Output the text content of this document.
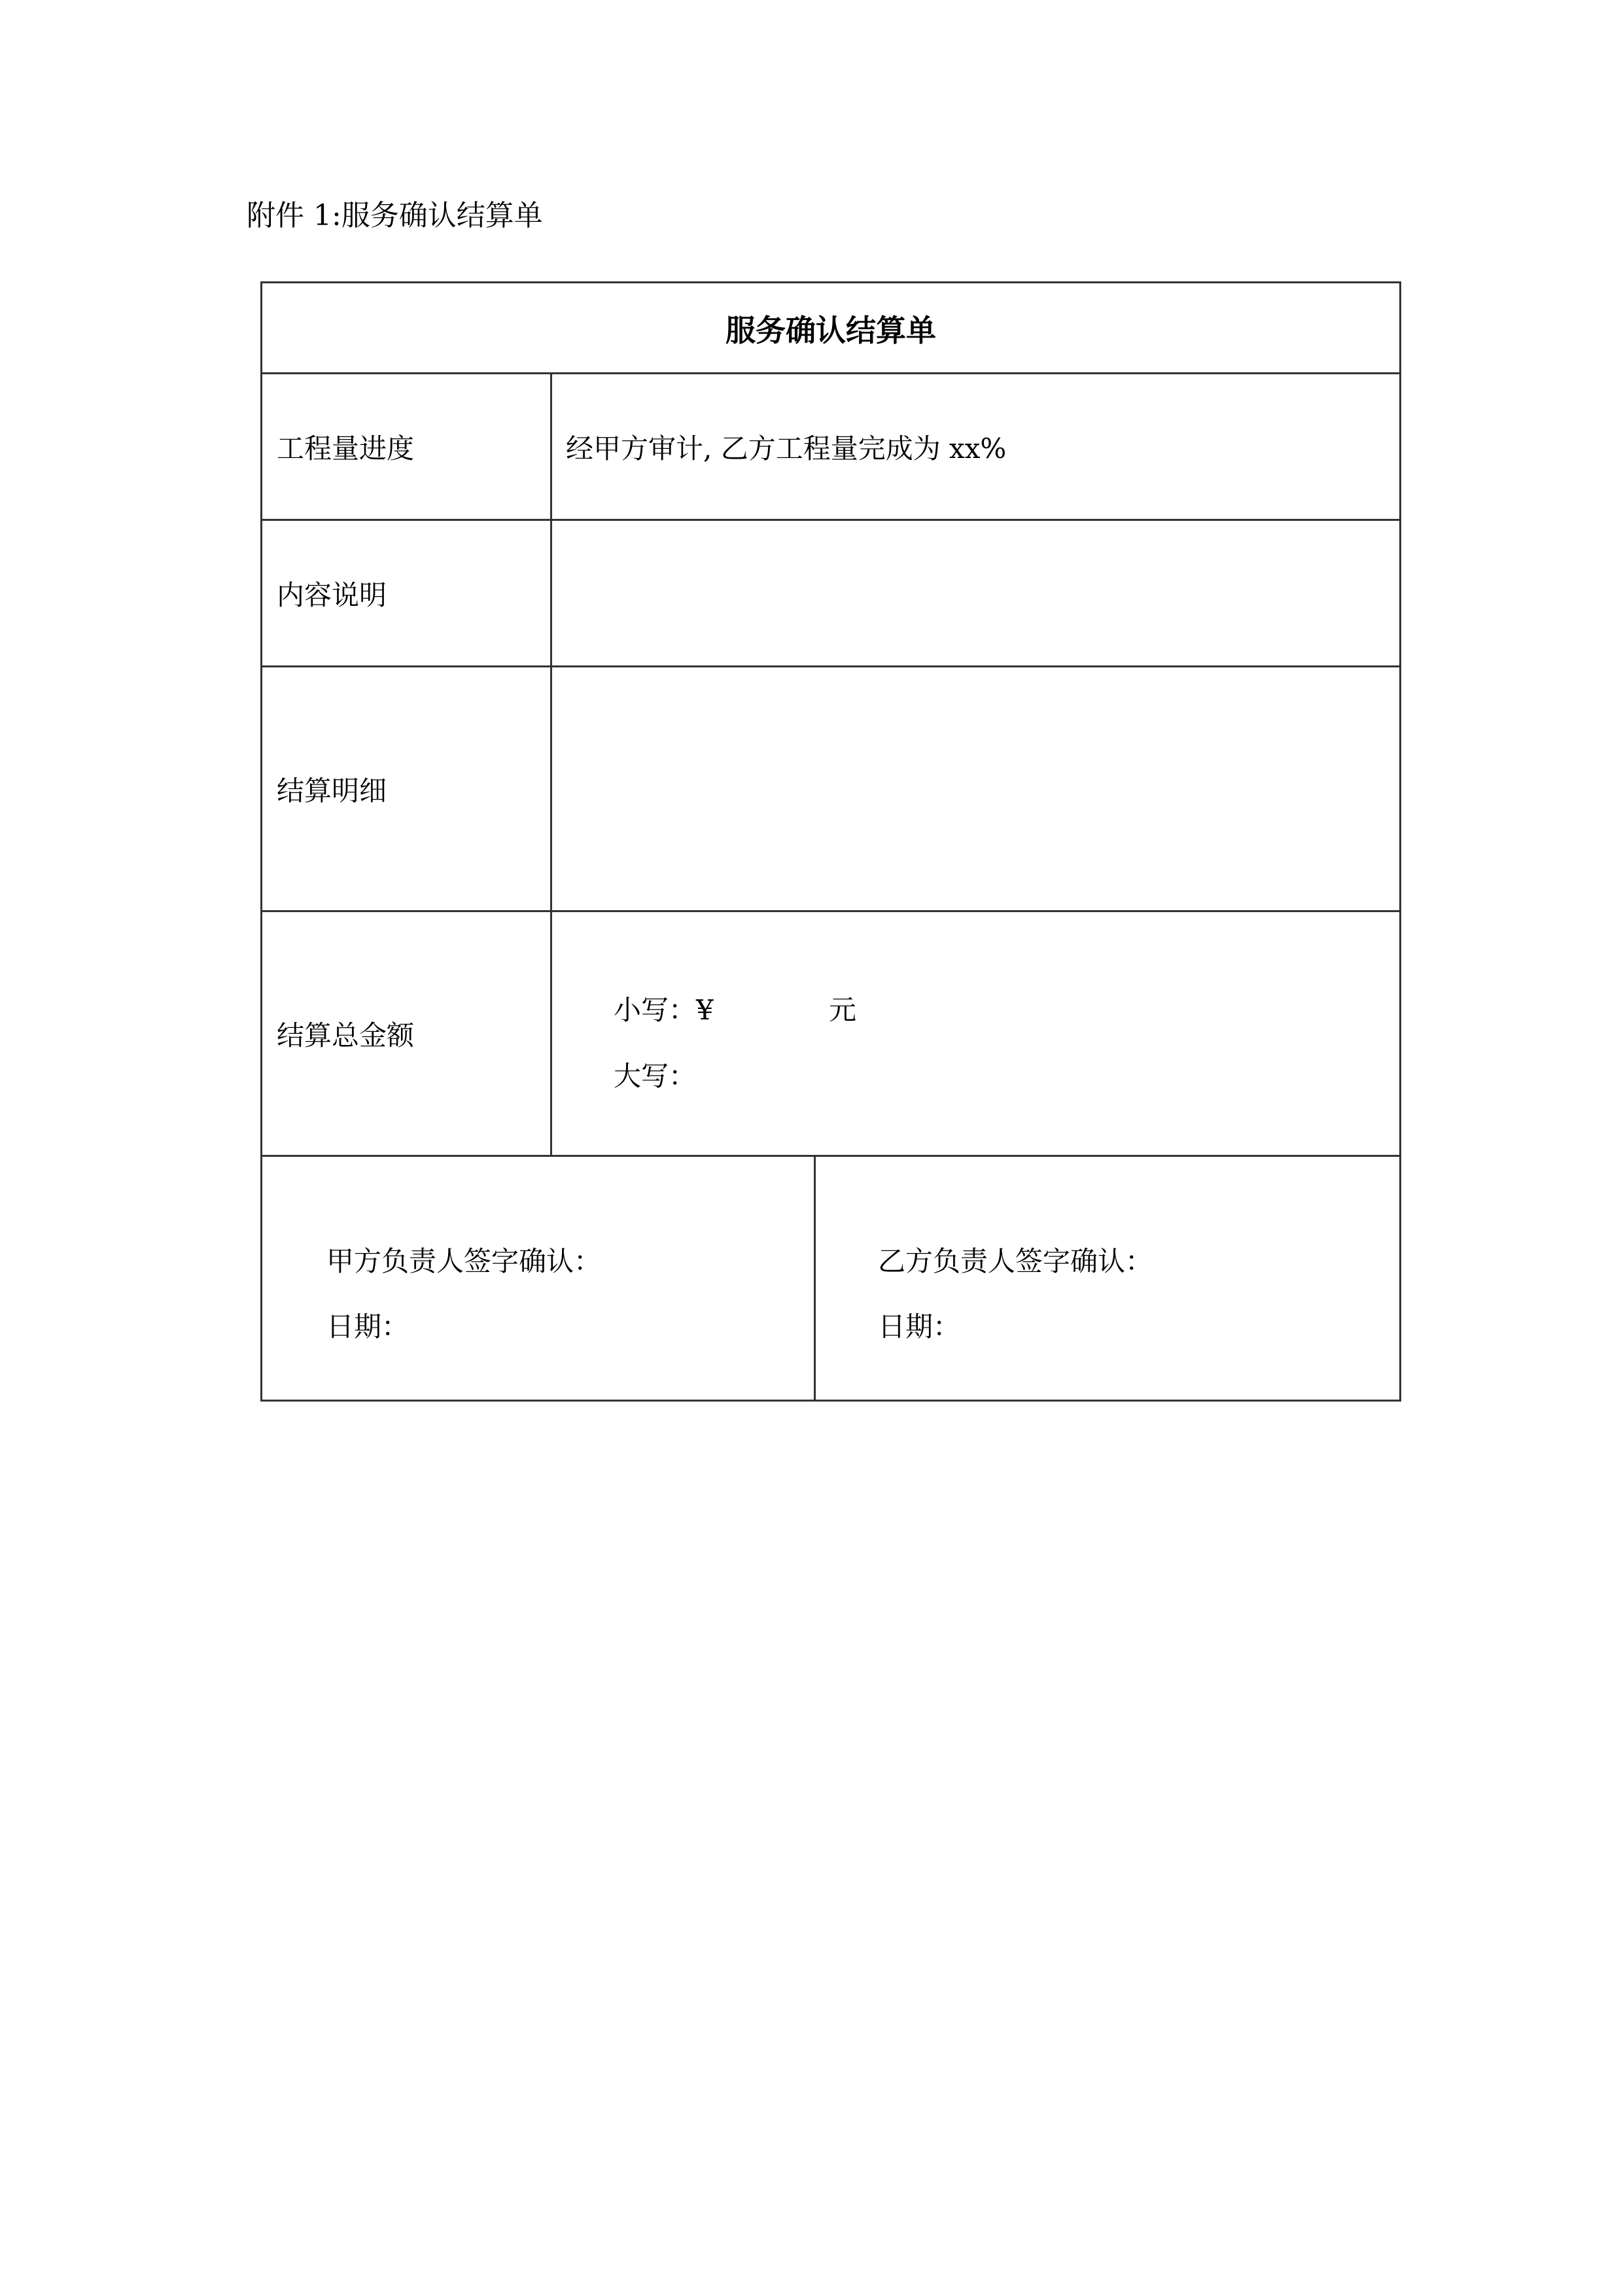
附件 1:服务确认结算单
服务确认结算单
工程量进度	经甲方审计, 乙方工程量完成为 xx%
内容说明
结算明细
结算总金额
小写：¥	元
大写：
甲方负责人签字确认：
日期：
乙方负责人签字确认：
日期：
